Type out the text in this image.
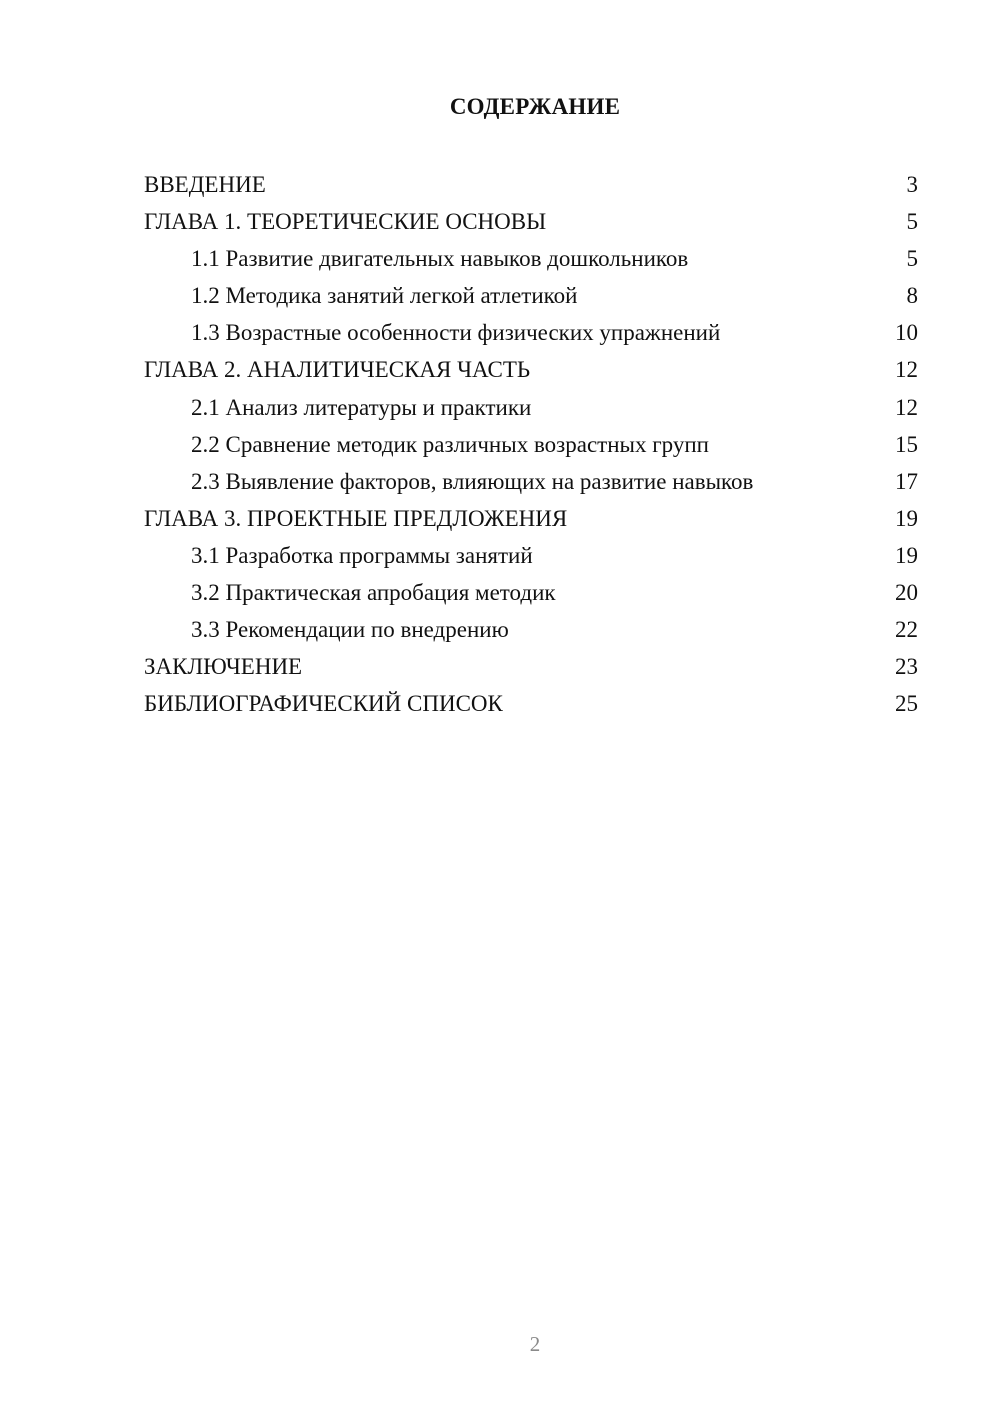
СОДЕРЖАНИЕ
ВВЕДЕНИЕ	3
ГЛАВА 1. ТЕОРЕТИЧЕСКИЕ ОСНОВЫ	5
1.1 Развитие двигательных навыков дошкольников	5
1.2 Методика занятий легкой атлетикой	8
1.3 Возрастные особенности физических упражнений	10
ГЛАВА 2. АНАЛИТИЧЕСКАЯ ЧАСТЬ	12
2.1 Анализ литературы и практики	12
2.2 Сравнение методик различных возрастных групп	15
2.3 Выявление факторов, влияющих на развитие навыков	17
ГЛАВА 3. ПРОЕКТНЫЕ ПРЕДЛОЖЕНИЯ	19
3.1 Разработка программы занятий	19
3.2 Практическая апробация методик	20
3.3 Рекомендации по внедрению	22
ЗАКЛЮЧЕНИЕ	23
БИБЛИОГРАФИЧЕСКИЙ СПИСОК	25
2
